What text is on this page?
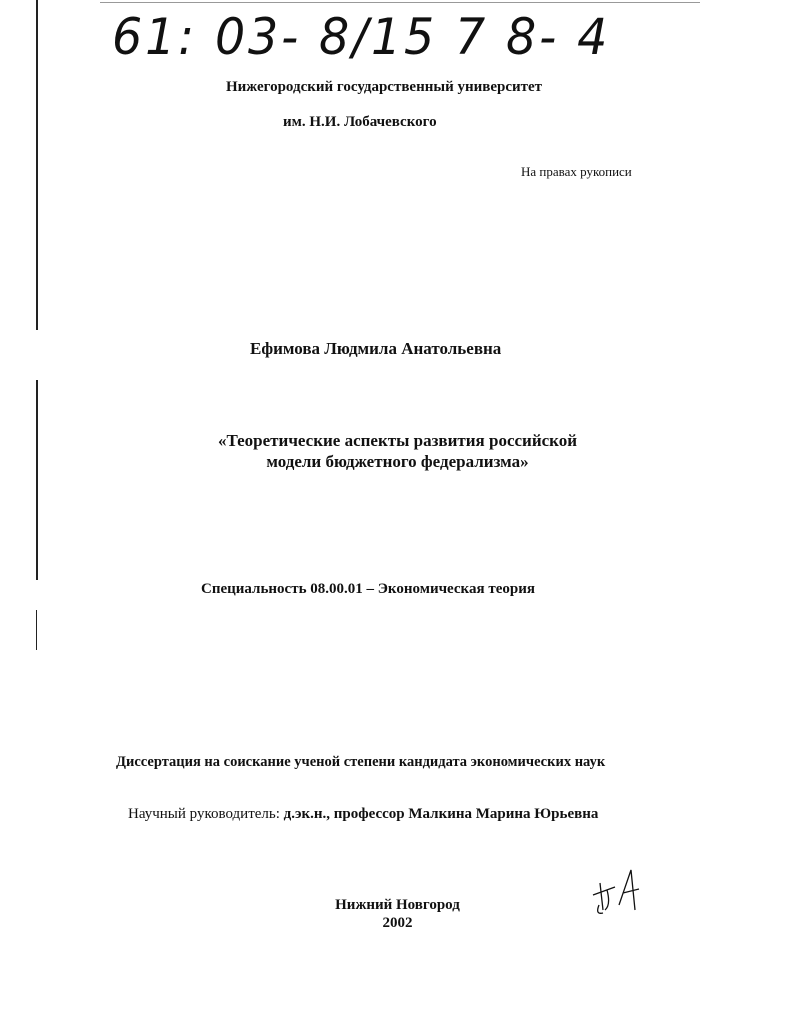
61: 03- 8/15 7 8- 4
Нижегородский государственный университет
им. Н.И. Лобачевского
На правах рукописи
Ефимова Людмила Анатольевна
«Теоретические аспекты развития российской
модели бюджетного федерализма»
Специальность 08.00.01 – Экономическая теория
Диссертация на соискание ученой степени кандидата экономических наук
Научный руководитель: д.эк.н., профессор Малкина Марина Юрьевна
Нижний Новгород
2002
